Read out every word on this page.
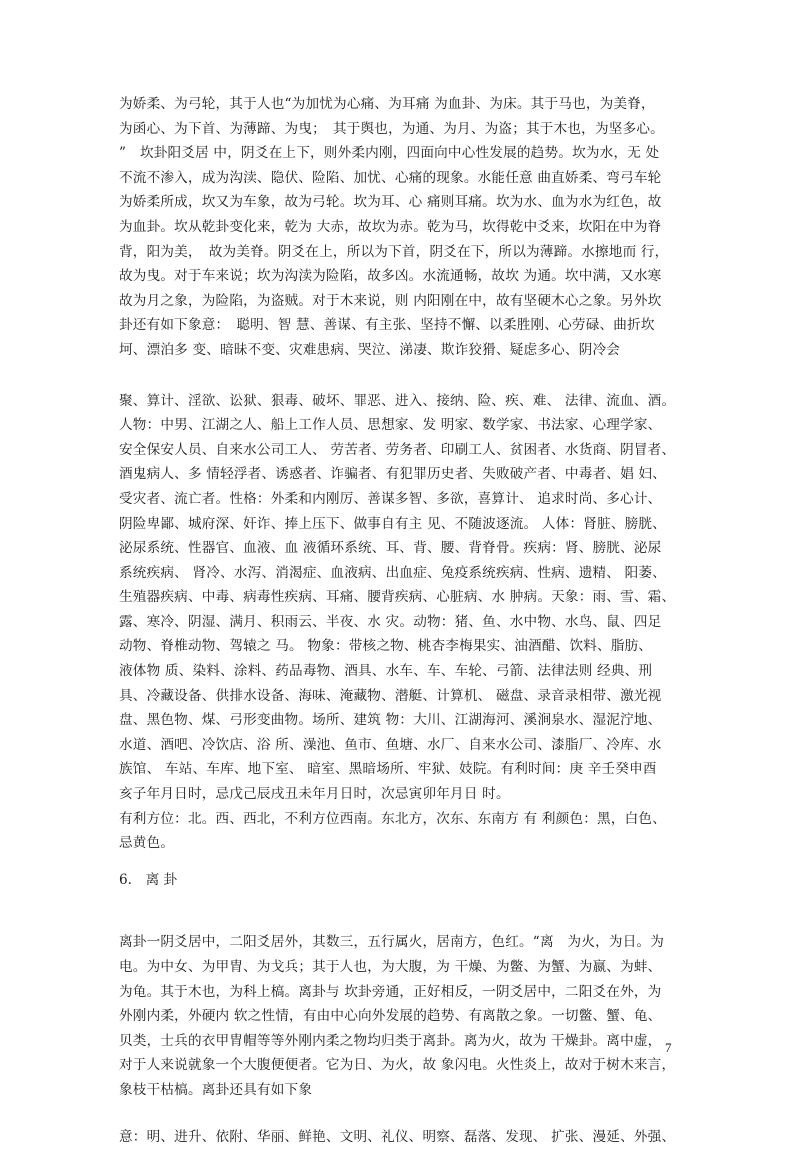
为娇柔、为弓轮，其于人也“为加忧为心痛、为耳痛 为血卦、为床。其于马也，为美脊，
为函心、为下首、为薄蹄、为曳；　其于舆也，为通、为月、为盗；其于木也，为坚多心。
”　坎卦阳爻居 中，阴爻在上下，则外柔内刚，四面向中心性发展的趋势。坎为水，无 处
不流不渗入，成为沟渎、隐伏、险陷、加忧、心痛的现象。水能任意 曲直娇柔、弯弓车轮
为娇柔所成，坎又为车象，故为弓轮。坎为耳、心 痛则耳痛。坎为水、血为水为红色，故
为血卦。坎从乾卦变化来，乾为 大赤，故坎为赤。乾为马，坎得乾中爻来，坎阳在中为脊
背，阳为美，　故为美脊。阴爻在上，所以为下首，阴爻在下，所以为薄蹄。水擦地而 行，
故为曳。对于车来说；坎为沟渎为险陷，故多凶。水流通畅，故坎 为通。坎中满，又水寒
故为月之象，为险陷，为盗贼。对于木来说，则 内阳刚在中，故有坚硬木心之象。另外坎
卦还有如下象意：　聪明、智 慧、善谋、有主张、坚持不懈、以柔胜刚、心劳碌、曲折坎
坷、漂泊多 变、暗昧不变、灾难患病、哭泣、涕凄、欺诈狡猾、疑虑多心、阴冷会

聚、算计、淫欲、讼狱、狠毒、破坏、罪恶、进入、接纳、险、疾、难、 法律、流血、酒。
人物：中男、江湖之人、船上工作人员、思想家、发 明家、数学家、书法家、心理学家、
安全保安人员、自来水公司工人、 劳苦者、劳务者、印刷工人、贫困者、水货商、阴冒者、
酒鬼病人、多 情轻浮者、诱惑者、诈骗者、有犯罪历史者、失败破产者、中毒者、娼 妇、
受灾者、流亡者。性格：外柔和内刚厉、善谋多智、多欲，喜算计、 追求时尚、多心计、
阴险卑鄙、城府深、奸诈、捧上压下、做事自有主 见、不随波逐流。 人体：肾脏、膀胱、
泌尿系统、性器官、血液、血 液循环系统、耳、背、腰、背脊骨。疾病：肾、膀胱、泌尿
系统疾病、 肾冷、水泻、消渴症、血液病、出血症、兔疫系统疾病、性病、遗精、 阳萎、
生殖器疾病、中毒、病毒性疾病、耳痛、腰背疾病、心脏病、水 肿病。天象：雨、雪、霜、
露、寒冷、阴湿、满月、积雨云、半夜、水 灾。动物：猪、鱼、水中物、水鸟、鼠、四足
动物、脊椎动物、驾辕之 马。 物象：带核之物、桃杏李梅果实、油酒醋、饮料、脂肪、
液体物 质、染料、涂料、药品毒物、酒具、水车、车、车轮、弓箭、法律法则 经典、刑
具、冷藏设备、供排水设备、海味、淹藏物、潜艇、计算机、 磁盘、录音录相带、激光视
盘、黑色物、煤、弓形变曲物。场所、建筑 物：大川、江湖海河、溪涧泉水、湿泥泞地、
水道、酒吧、冷饮店、浴 所、澡池、鱼市、鱼塘、水厂、自来水公司、漆脂厂、冷库、水
族馆、 车站、车库、地下室、 暗室、黑暗场所、牢狱、妓院。有利时间：庚 辛壬癸申酉
亥子年月日时，忌戊己辰戌丑未年月日时，次忌寅卯年月日 时。
有利方位：北。西、西北，不利方位西南。东北方，次东、东南方 有 利颜色：黑，白色、
忌黄色。

6.　离 卦

离卦一阴爻居中，二阳爻居外，其数三，五行属火，居南方，色红。“离　为火，为日。为
电。为中女、为甲胄、为戈兵；其于人也，为大腹，为 干燥、为鳖、为蟹、为嬴、为蚌、
为龟。其于木也，为科上槁。离卦与 坎卦旁通，正好相反，一阴爻居中，二阳爻在外，为
外刚内柔，外硬内 软之性情，有由中心向外发展的趋势、有离散之象。一切鳖、蟹、龟、
贝类，士兵的衣甲胄帽等等外刚内柔之物均归类于离卦。离为火，故为 干燥卦。离中虚，
对于人来说就象一个大腹便便者。它为日、为火，故 象闪电。火性炎上，故对于树木来言，
象枝干枯槁。离卦还具有如下象

意：明、进升、依附、华丽、鲜艳、文明、礼仪、明察、磊落、发现、 扩张、漫延、外强、

7
